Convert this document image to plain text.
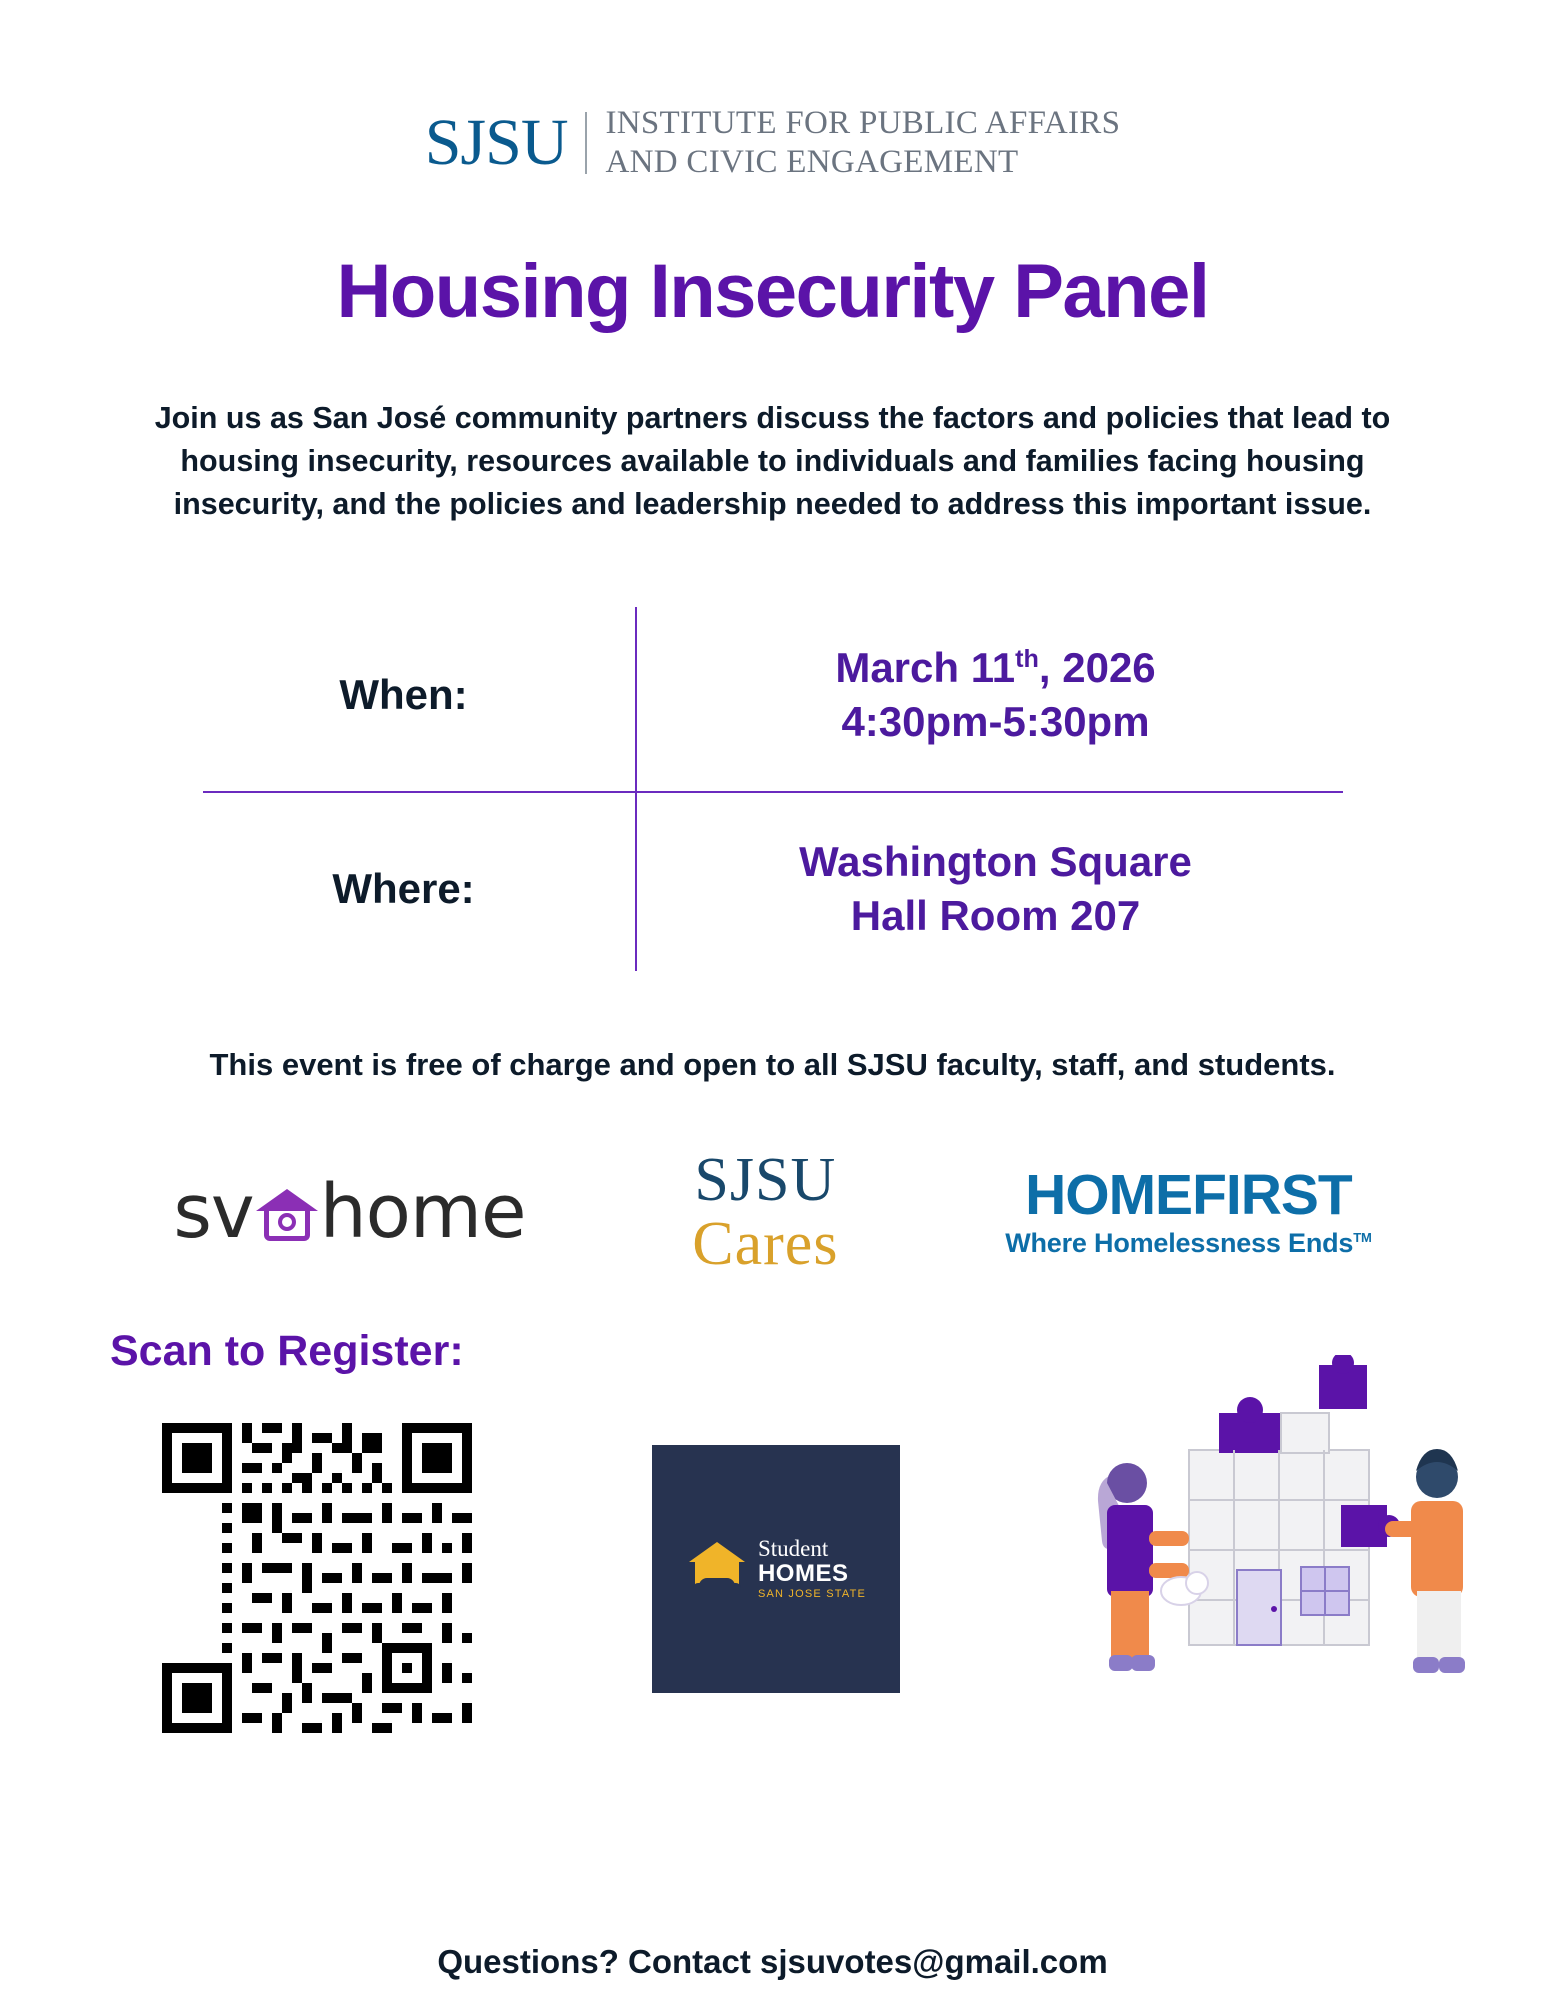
SJSU INSTITUTE FOR PUBLIC AFFAIRS
AND CIVIC ENGAGEMENT
Housing Insecurity Panel
Join us as San José community partners discuss the factors and policies that lead to housing insecurity, resources available to individuals and families facing housing insecurity, and the policies and leadership needed to address this important issue.
When:
March 11th, 2026
4:30pm-5:30pm
Where:
Washington Square
Hall Room 207
This event is free of charge and open to all SJSU faculty, staff, and students.
sv home	SJSU
Cares
HOMEFIRST
Where Homelessness Ends™
Scan to Register:
Student
HOMES
SAN JOSE STATE
Questions? Contact sjsuvotes@gmail.com
